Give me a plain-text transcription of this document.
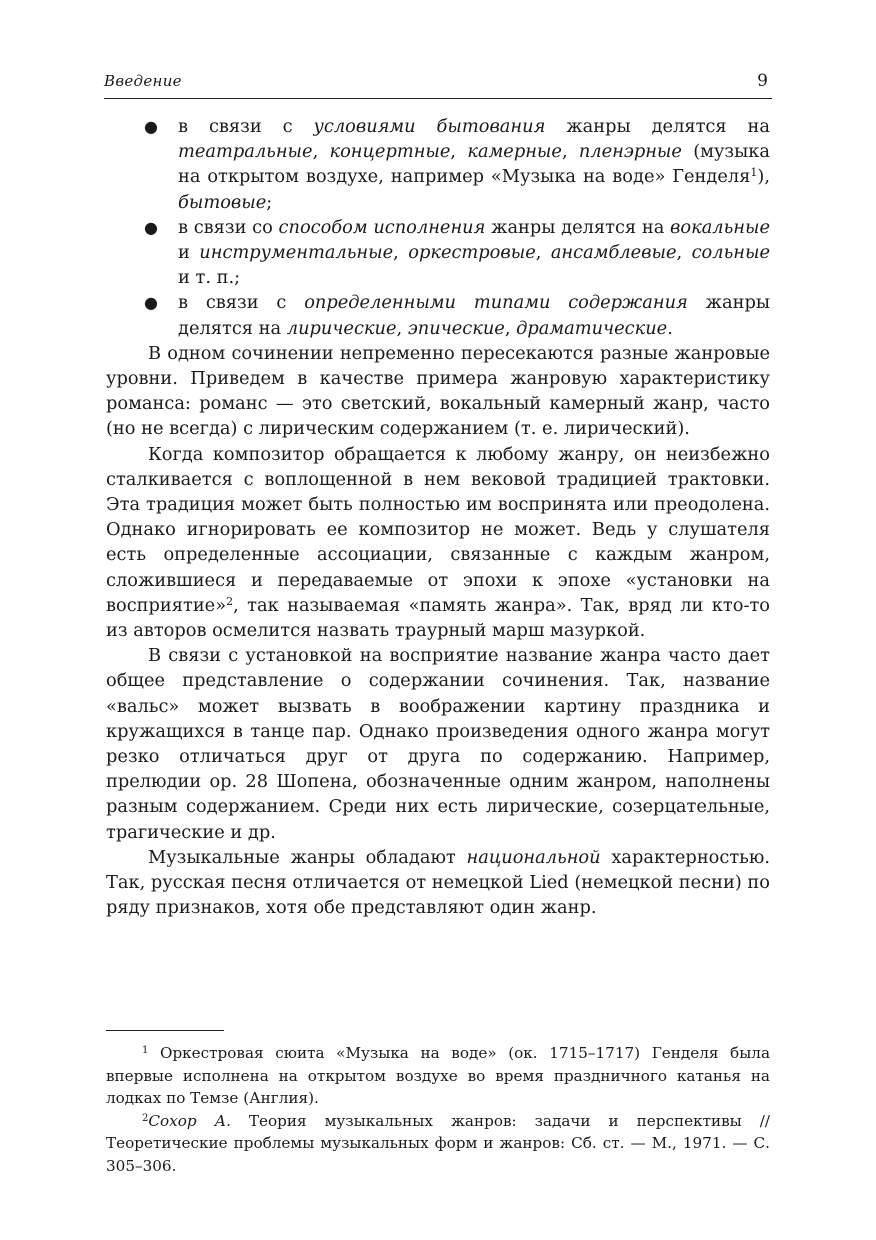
Введение	9
● в связи с условиями бытования жанры делятся на театральные, концертные, камерные, пленэрные (музыка на открытом воздухе, например «Музыка на воде» Генделя$^1$), бытовые;
● в связи со способом исполнения жанры делятся на вокальные и инструментальные, оркестровые, ансамблевые, сольные и т. п.;
● в связи с определенными типами содержания жанры делятся на лирические, эпические, драматические.

В одном сочинении непременно пересекаются разные жанровые уровни. Приведем в качестве примера жанровую характеристику романса: романс — это светский, вокальный камерный жанр, часто (но не всегда) с лирическим содержанием (т. е. лирический).

Когда композитор обращается к любому жанру, он неизбежно сталкивается с воплощенной в нем вековой традицией трактовки. Эта традиция может быть полностью им воспринята или преодолена. Однако игнорировать ее композитор не может. Ведь у слушателя есть определенные ассоциации, связанные с каждым жанром, сложившиеся и передаваемые от эпохи к эпохе «установки на восприятие»$^2$, так называемая «память жанра». Так, вряд ли кто-то из авторов осмелится назвать траурный марш мазуркой.

В связи с установкой на восприятие название жанра часто дает общее представление о содержании сочинения. Так, название «вальс» может вызвать в воображении картину праздника и кружащихся в танце пар. Однако произведения одного жанра могут резко отличаться друг от друга по содержанию. Например, прелюдии op. 28 Шопена, обозначенные одним жанром, наполнены разным содержанием. Среди них есть лирические, созерцательные, трагические и др.

Музыкальные жанры обладают национальной характерностью. Так, русская песня отличается от немецкой Lied (немецкой песни) по ряду признаков, хотя обе представляют один жанр.

$^1$ Оркестровая сюита «Музыка на воде» (ок. 1715–1717) Генделя была впервые исполнена на открытом воздухе во время праздничного катанья на лодках по Темзе (Англия).

$^2$Сохор А. Теория музыкальных жанров: задачи и перспективы // Теоретические проблемы музыкальных форм и жанров: Сб. ст. — М., 1971. — С. 305–306.
